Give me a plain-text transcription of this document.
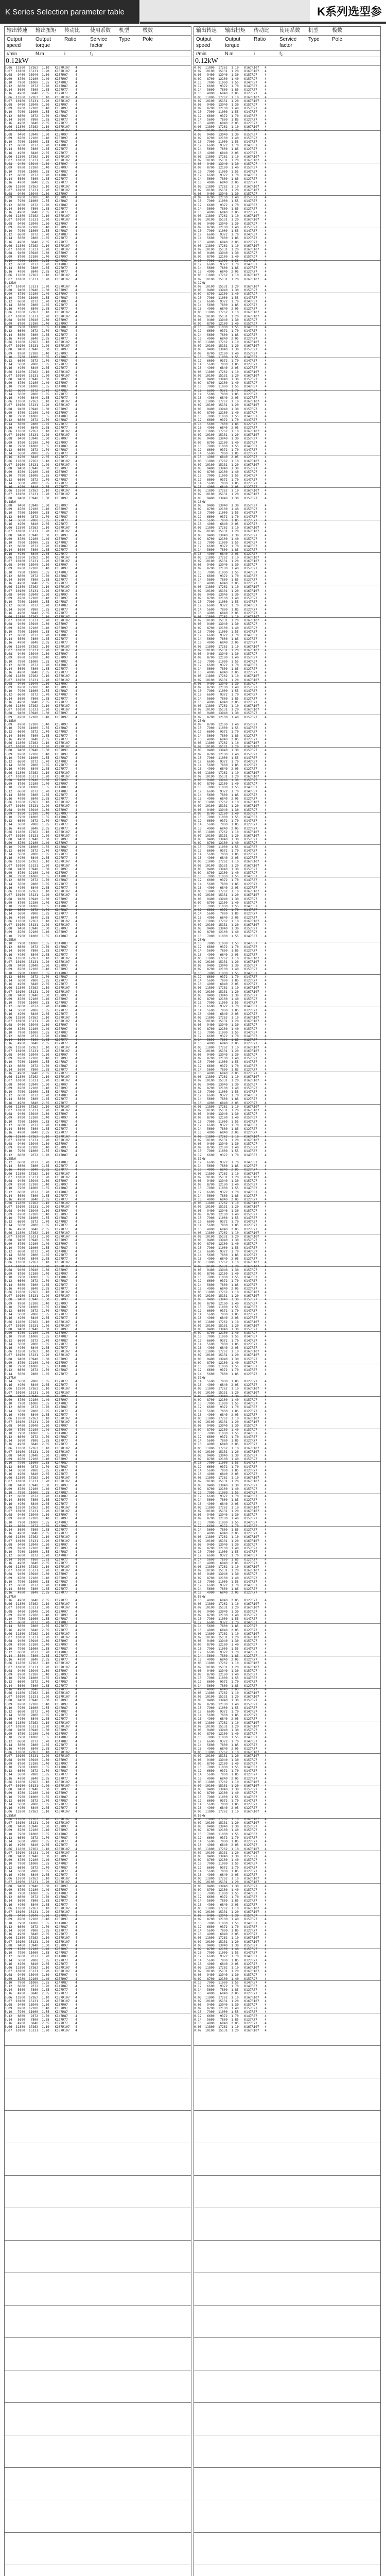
K Series Selection parameter table	K系列选型参
输出转速	输出扭矩	传动比	使用系数	机型	极数
Output speed
Output torque
Ratio	Service factor
Type	Pole
r/min	N.m	i	f₂
0.12kW
0.06  11800  17262  1.10   K167R107   4
0.07  10100  15131  1.20   K167R107   4
0.08   9400  13940  1.30   K157R97    4
0.09   8700  12100  1.40   K157R97    4
0.10   7900  11000  1.55   K147R87    4
0.12   6600   9372  1.70   K147R87    4
0.14   5600   7800  1.85   K127R77    4
0.16   4900   6840  2.05   K127R77    4
0.06  11800  17262  1.10   K167R107   4
0.07  10100  15131  1.20   K167R107   4
0.08   9400  13940  1.30   K157R97    4
0.09   8700  12100  1.40   K157R97    4
0.10   7900  11000  1.55   K147R87    4
0.12   6600   9372  1.70   K147R87    4
0.14   5600   7800  1.85   K127R77    4
0.16   4900   6840  2.05   K127R77    4
0.06  11800  17262  1.10   K167R107   4
0.07  10100  15131  1.20   K167R107   4
0.08   9400  13940  1.30   K157R97    4
0.09   8700  12100  1.40   K157R97    4
0.10   7900  11000  1.55   K147R87    4
0.12   6600   9372  1.70   K147R87    4
0.14   5600   7800  1.85   K127R77    4
0.16   4900   6840  2.05   K127R77    4
0.06  11800  17262  1.10   K167R107   4
0.07  10100  15131  1.20   K167R107   4
0.08   9400  13940  1.30   K157R97    4
0.09   8700  12100  1.40   K157R97    4
0.10   7900  11000  1.55   K147R87    4
0.12   6600   9372  1.70   K147R87    4
0.14   5600   7800  1.85   K127R77    4
0.16   4900   6840  2.05   K127R77    4
0.06  11800  17262  1.10   K167R107   4
0.07  10100  15131  1.20   K167R107   4
0.08   9400  13940  1.30   K157R97    4
0.09   8700  12100  1.40   K157R97    4
0.10   7900  11000  1.55   K147R87    4
0.12   6600   9372  1.70   K147R87    4
0.14   5600   7800  1.85   K127R77    4
0.16   4900   6840  2.05   K127R77    4
0.06  11800  17262  1.10   K167R107   4
0.07  10100  15131  1.20   K167R107   4
0.08   9400  13940  1.30   K157R97    4
0.09   8700  12100  1.40   K157R97    4
0.10   7900  11000  1.55   K147R87    4
0.12   6600   9372  1.70   K147R87    4
0.14   5600   7800  1.85   K127R77    4
0.16   4900   6840  2.05   K127R77    4
0.06  11800  17262  1.10   K167R107   4
0.07  10100  15131  1.20   K167R107   4
0.08   9400  13940  1.30   K157R97    4
0.09   8700  12100  1.40   K157R97    4
0.10   7900  11000  1.55   K147R87    4
0.12   6600   9372  1.70   K147R87    4
0.14   5600   7800  1.85   K127R77    4
0.16   4900   6840  2.05   K127R77    4
0.06  11800  17262  1.10   K167R107   4
0.07  10100  15131  1.20   K167R107   4
0.12kW
0.07  10100  15131  1.20   K167R107   4
0.08   9400  13940  1.30   K157R97    4
0.09   8700  12100  1.40   K157R97    4
0.10   7900  11000  1.55   K147R87    4
0.12   6600   9372  1.70   K147R87    4
0.14   5600   7800  1.85   K127R77    4
0.16   4900   6840  2.05   K127R77    4
0.06  11800  17262  1.10   K167R107   4
0.07  10100  15131  1.20   K167R107   4
0.08   9400  13940  1.30   K157R97    4
0.09   8700  12100  1.40   K157R97    4
0.10   7900  11000  1.55   K147R87    4
0.12   6600   9372  1.70   K147R87    4
0.14   5600   7800  1.85   K127R77    4
0.16   4900   6840  2.05   K127R77    4
0.06  11800  17262  1.10   K167R107   4
0.07  10100  15131  1.20   K167R107   4
0.08   9400  13940  1.30   K157R97    4
0.09   8700  12100  1.40   K157R97    4
0.10   7900  11000  1.55   K147R87    4
0.12   6600   9372  1.70   K147R87    4
0.14   5600   7800  1.85   K127R77    4
0.16   4900   6840  2.05   K127R77    4
0.06  11800  17262  1.10   K167R107   4
0.07  10100  15131  1.20   K167R107   4
0.08   9400  13940  1.30   K157R97    4
0.09   8700  12100  1.40   K157R97    4
0.10   7900  11000  1.55   K147R87    4
0.12   6600   9372  1.70   K147R87    4
0.14   5600   7800  1.85   K127R77    4
0.16   4900   6840  2.05   K127R77    4
0.06  11800  17262  1.10   K167R107   4
0.07  10100  15131  1.20   K167R107   4
0.08   9400  13940  1.30   K157R97    4
0.09   8700  12100  1.40   K157R97    4
0.10   7900  11000  1.55   K147R87    4
0.12   6600   9372  1.70   K147R87    4
0.14   5600   7800  1.85   K127R77    4
0.16   4900   6840  2.05   K127R77    4
0.06  11800  17262  1.10   K167R107   4
0.07  10100  15131  1.20   K167R107   4
0.08   9400  13940  1.30   K157R97    4
0.09   8700  12100  1.40   K157R97    4
0.10   7900  11000  1.55   K147R87    4
0.12   6600   9372  1.70   K147R87    4
0.14   5600   7800  1.85   K127R77    4
0.16   4900   6840  2.05   K127R77    4
0.06  11800  17262  1.10   K167R107   4
0.07  10100  15131  1.20   K167R107   4
0.08   9400  13940  1.30   K157R97    4
0.09   8700  12100  1.40   K157R97    4
0.10   7900  11000  1.55   K147R87    4
0.12   6600   9372  1.70   K147R87    4
0.14   5600   7800  1.85   K127R77    4
0.16   4900   6840  2.05   K127R77    4
0.06  11800  17262  1.10   K167R107   4
0.07  10100  15131  1.20   K167R107   4
0.08   9400  13940  1.30   K157R97    4
0.18kW
0.08   9400  13940  1.30   K157R97    4
0.09   8700  12100  1.40   K157R97    4
0.10   7900  11000  1.55   K147R87    4
0.12   6600   9372  1.70   K147R87    4
0.14   5600   7800  1.85   K127R77    4
0.16   4900   6840  2.05   K127R77    4
0.06  11800  17262  1.10   K167R107   4
0.07  10100  15131  1.20   K167R107   4
0.08   9400  13940  1.30   K157R97    4
0.09   8700  12100  1.40   K157R97    4
0.10   7900  11000  1.55   K147R87    4
0.12   6600   9372  1.70   K147R87    4
0.14   5600   7800  1.85   K127R77    4
0.16   4900   6840  2.05   K127R77    4
0.06  11800  17262  1.10   K167R107   4
0.07  10100  15131  1.20   K167R107   4
0.08   9400  13940  1.30   K157R97    4
0.09   8700  12100  1.40   K157R97    4
0.10   7900  11000  1.55   K147R87    4
0.12   6600   9372  1.70   K147R87    4
0.14   5600   7800  1.85   K127R77    4
0.16   4900   6840  2.05   K127R77    4
0.06  11800  17262  1.10   K167R107   4
0.07  10100  15131  1.20   K167R107   4
0.08   9400  13940  1.30   K157R97    4
0.09   8700  12100  1.40   K157R97    4
0.10   7900  11000  1.55   K147R87    4
0.12   6600   9372  1.70   K147R87    4
0.14   5600   7800  1.85   K127R77    4
0.16   4900   6840  2.05   K127R77    4
0.06  11800  17262  1.10   K167R107   4
0.07  10100  15131  1.20   K167R107   4
0.08   9400  13940  1.30   K157R97    4
0.09   8700  12100  1.40   K157R97    4
0.10   7900  11000  1.55   K147R87    4
0.12   6600   9372  1.70   K147R87    4
0.14   5600   7800  1.85   K127R77    4
0.16   4900   6840  2.05   K127R77    4
0.06  11800  17262  1.10   K167R107   4
0.07  10100  15131  1.20   K167R107   4
0.08   9400  13940  1.30   K157R97    4
0.09   8700  12100  1.40   K157R97    4
0.10   7900  11000  1.55   K147R87    4
0.12   6600   9372  1.70   K147R87    4
0.14   5600   7800  1.85   K127R77    4
0.16   4900   6840  2.05   K127R77    4
0.06  11800  17262  1.10   K167R107   4
0.07  10100  15131  1.20   K167R107   4
0.08   9400  13940  1.30   K157R97    4
0.09   8700  12100  1.40   K157R97    4
0.10   7900  11000  1.55   K147R87    4
0.12   6600   9372  1.70   K147R87    4
0.14   5600   7800  1.85   K127R77    4
0.16   4900   6840  2.05   K127R77    4
0.06  11800  17262  1.10   K167R107   4
0.07  10100  15131  1.20   K167R107   4
0.08   9400  13940  1.30   K157R97    4
0.09   8700  12100  1.40   K157R97    4
0.18kW
0.09   8700  12100  1.40   K157R97    4
0.10   7900  11000  1.55   K147R87    4
0.12   6600   9372  1.70   K147R87    4
0.14   5600   7800  1.85   K127R77    4
0.16   4900   6840  2.05   K127R77    4
0.06  11800  17262  1.10   K167R107   4
0.07  10100  15131  1.20   K167R107   4
0.08   9400  13940  1.30   K157R97    4
0.09   8700  12100  1.40   K157R97    4
0.10   7900  11000  1.55   K147R87    4
0.12   6600   9372  1.70   K147R87    4
0.14   5600   7800  1.85   K127R77    4
0.16   4900   6840  2.05   K127R77    4
0.06  11800  17262  1.10   K167R107   4
0.07  10100  15131  1.20   K167R107   4
0.08   9400  13940  1.30   K157R97    4
0.09   8700  12100  1.40   K157R97    4
0.10   7900  11000  1.55   K147R87    4
0.12   6600   9372  1.70   K147R87    4
0.14   5600   7800  1.85   K127R77    4
0.16   4900   6840  2.05   K127R77    4
0.06  11800  17262  1.10   K167R107   4
0.07  10100  15131  1.20   K167R107   4
0.08   9400  13940  1.30   K157R97    4
0.09   8700  12100  1.40   K157R97    4
0.10   7900  11000  1.55   K147R87    4
0.12   6600   9372  1.70   K147R87    4
0.14   5600   7800  1.85   K127R77    4
0.16   4900   6840  2.05   K127R77    4
0.06  11800  17262  1.10   K167R107   4
0.07  10100  15131  1.20   K167R107   4
0.08   9400  13940  1.30   K157R97    4
0.09   8700  12100  1.40   K157R97    4
0.10   7900  11000  1.55   K147R87    4
0.12   6600   9372  1.70   K147R87    4
0.14   5600   7800  1.85   K127R77    4
0.16   4900   6840  2.05   K127R77    4
0.06  11800  17262  1.10   K167R107   4
0.07  10100  15131  1.20   K167R107   4
0.08   9400  13940  1.30   K157R97    4
0.09   8700  12100  1.40   K157R97    4
0.10   7900  11000  1.55   K147R87    4
0.12   6600   9372  1.70   K147R87    4
0.14   5600   7800  1.85   K127R77    4
0.16   4900   6840  2.05   K127R77    4
0.06  11800  17262  1.10   K167R107   4
0.07  10100  15131  1.20   K167R107   4
0.08   9400  13940  1.30   K157R97    4
0.09   8700  12100  1.40   K157R97    4
0.10   7900  11000  1.55   K147R87    4
0.12   6600   9372  1.70   K147R87    4
0.14   5600   7800  1.85   K127R77    4
0.16   4900   6840  2.05   K127R77    4
0.06  11800  17262  1.10   K167R107   4
0.07  10100  15131  1.20   K167R107   4
0.08   9400  13940  1.30   K157R97    4
0.09   8700  12100  1.40   K157R97    4
0.10   7900  11000  1.55   K147R87    4
0.25kW
0.10   7900  11000  1.55   K147R87    4
0.12   6600   9372  1.70   K147R87    4
0.14   5600   7800  1.85   K127R77    4
0.16   4900   6840  2.05   K127R77    4
0.06  11800  17262  1.10   K167R107   4
0.07  10100  15131  1.20   K167R107   4
0.08   9400  13940  1.30   K157R97    4
0.09   8700  12100  1.40   K157R97    4
0.10   7900  11000  1.55   K147R87    4
0.12   6600   9372  1.70   K147R87    4
0.14   5600   7800  1.85   K127R77    4
0.16   4900   6840  2.05   K127R77    4
0.06  11800  17262  1.10   K167R107   4
0.07  10100  15131  1.20   K167R107   4
0.08   9400  13940  1.30   K157R97    4
0.09   8700  12100  1.40   K157R97    4
0.10   7900  11000  1.55   K147R87    4
0.12   6600   9372  1.70   K147R87    4
0.14   5600   7800  1.85   K127R77    4
0.16   4900   6840  2.05   K127R77    4
0.06  11800  17262  1.10   K167R107   4
0.07  10100  15131  1.20   K167R107   4
0.08   9400  13940  1.30   K157R97    4
0.09   8700  12100  1.40   K157R97    4
0.10   7900  11000  1.55   K147R87    4
0.12   6600   9372  1.70   K147R87    4
0.14   5600   7800  1.85   K127R77    4
0.16   4900   6840  2.05   K127R77    4
0.06  11800  17262  1.10   K167R107   4
0.07  10100  15131  1.20   K167R107   4
0.08   9400  13940  1.30   K157R97    4
0.09   8700  12100  1.40   K157R97    4
0.10   7900  11000  1.55   K147R87    4
0.12   6600   9372  1.70   K147R87    4
0.14   5600   7800  1.85   K127R77    4
0.16   4900   6840  2.05   K127R77    4
0.06  11800  17262  1.10   K167R107   4
0.07  10100  15131  1.20   K167R107   4
0.08   9400  13940  1.30   K157R97    4
0.09   8700  12100  1.40   K157R97    4
0.10   7900  11000  1.55   K147R87    4
0.12   6600   9372  1.70   K147R87    4
0.14   5600   7800  1.85   K127R77    4
0.16   4900   6840  2.05   K127R77    4
0.06  11800  17262  1.10   K167R107   4
0.07  10100  15131  1.20   K167R107   4
0.08   9400  13940  1.30   K157R97    4
0.09   8700  12100  1.40   K157R97    4
0.10   7900  11000  1.55   K147R87    4
0.12   6600   9372  1.70   K147R87    4
0.14   5600   7800  1.85   K127R77    4
0.16   4900   6840  2.05   K127R77    4
0.06  11800  17262  1.10   K167R107   4
0.07  10100  15131  1.20   K167R107   4
0.08   9400  13940  1.30   K157R97    4
0.09   8700  12100  1.40   K157R97    4
0.10   7900  11000  1.55   K147R87    4
0.12   6600   9372  1.70   K147R87    4
0.25kW
0.12   6600   9372  1.70   K147R87    4
0.14   5600   7800  1.85   K127R77    4
0.16   4900   6840  2.05   K127R77    4
0.06  11800  17262  1.10   K167R107   4
0.07  10100  15131  1.20   K167R107   4
0.08   9400  13940  1.30   K157R97    4
0.09   8700  12100  1.40   K157R97    4
0.10   7900  11000  1.55   K147R87    4
0.12   6600   9372  1.70   K147R87    4
0.14   5600   7800  1.85   K127R77    4
0.16   4900   6840  2.05   K127R77    4
0.06  11800  17262  1.10   K167R107   4
0.07  10100  15131  1.20   K167R107   4
0.08   9400  13940  1.30   K157R97    4
0.09   8700  12100  1.40   K157R97    4
0.10   7900  11000  1.55   K147R87    4
0.12   6600   9372  1.70   K147R87    4
0.14   5600   7800  1.85   K127R77    4
0.16   4900   6840  2.05   K127R77    4
0.06  11800  17262  1.10   K167R107   4
0.07  10100  15131  1.20   K167R107   4
0.08   9400  13940  1.30   K157R97    4
0.09   8700  12100  1.40   K157R97    4
0.10   7900  11000  1.55   K147R87    4
0.12   6600   9372  1.70   K147R87    4
0.14   5600   7800  1.85   K127R77    4
0.16   4900   6840  2.05   K127R77    4
0.06  11800  17262  1.10   K167R107   4
0.07  10100  15131  1.20   K167R107   4
0.08   9400  13940  1.30   K157R97    4
0.09   8700  12100  1.40   K157R97    4
0.10   7900  11000  1.55   K147R87    4
0.12   6600   9372  1.70   K147R87    4
0.14   5600   7800  1.85   K127R77    4
0.16   4900   6840  2.05   K127R77    4
0.06  11800  17262  1.10   K167R107   4
0.07  10100  15131  1.20   K167R107   4
0.08   9400  13940  1.30   K157R97    4
0.09   8700  12100  1.40   K157R97    4
0.10   7900  11000  1.55   K147R87    4
0.12   6600   9372  1.70   K147R87    4
0.14   5600   7800  1.85   K127R77    4
0.16   4900   6840  2.05   K127R77    4
0.06  11800  17262  1.10   K167R107   4
0.07  10100  15131  1.20   K167R107   4
0.08   9400  13940  1.30   K157R97    4
0.09   8700  12100  1.40   K157R97    4
0.10   7900  11000  1.55   K147R87    4
0.12   6600   9372  1.70   K147R87    4
0.14   5600   7800  1.85   K127R77    4
0.16   4900   6840  2.05   K127R77    4
0.06  11800  17262  1.10   K167R107   4
0.07  10100  15131  1.20   K167R107   4
0.08   9400  13940  1.30   K157R97    4
0.09   8700  12100  1.40   K157R97    4
0.10   7900  11000  1.55   K147R87    4
0.12   6600   9372  1.70   K147R87    4
0.14   5600   7800  1.85   K127R77    4
0.37kW
0.14   5600   7800  1.85   K127R77    4
0.16   4900   6840  2.05   K127R77    4
0.06  11800  17262  1.10   K167R107   4
0.07  10100  15131  1.20   K167R107   4
0.08   9400  13940  1.30   K157R97    4
0.09   8700  12100  1.40   K157R97    4
0.10   7900  11000  1.55   K147R87    4
0.12   6600   9372  1.70   K147R87    4
0.14   5600   7800  1.85   K127R77    4
0.16   4900   6840  2.05   K127R77    4
0.06  11800  17262  1.10   K167R107   4
0.07  10100  15131  1.20   K167R107   4
0.08   9400  13940  1.30   K157R97    4
0.09   8700  12100  1.40   K157R97    4
0.10   7900  11000  1.55   K147R87    4
0.12   6600   9372  1.70   K147R87    4
0.14   5600   7800  1.85   K127R77    4
0.16   4900   6840  2.05   K127R77    4
0.06  11800  17262  1.10   K167R107   4
0.07  10100  15131  1.20   K167R107   4
0.08   9400  13940  1.30   K157R97    4
0.09   8700  12100  1.40   K157R97    4
0.10   7900  11000  1.55   K147R87    4
0.12   6600   9372  1.70   K147R87    4
0.14   5600   7800  1.85   K127R77    4
0.16   4900   6840  2.05   K127R77    4
0.06  11800  17262  1.10   K167R107   4
0.07  10100  15131  1.20   K167R107   4
0.08   9400  13940  1.30   K157R97    4
0.09   8700  12100  1.40   K157R97    4
0.10   7900  11000  1.55   K147R87    4
0.12   6600   9372  1.70   K147R87    4
0.14   5600   7800  1.85   K127R77    4
0.16   4900   6840  2.05   K127R77    4
0.06  11800  17262  1.10   K167R107   4
0.07  10100  15131  1.20   K167R107   4
0.08   9400  13940  1.30   K157R97    4
0.09   8700  12100  1.40   K157R97    4
0.10   7900  11000  1.55   K147R87    4
0.12   6600   9372  1.70   K147R87    4
0.14   5600   7800  1.85   K127R77    4
0.16   4900   6840  2.05   K127R77    4
0.06  11800  17262  1.10   K167R107   4
0.07  10100  15131  1.20   K167R107   4
0.08   9400  13940  1.30   K157R97    4
0.09   8700  12100  1.40   K157R97    4
0.10   7900  11000  1.55   K147R87    4
0.12   6600   9372  1.70   K147R87    4
0.14   5600   7800  1.85   K127R77    4
0.16   4900   6840  2.05   K127R77    4
0.06  11800  17262  1.10   K167R107   4
0.07  10100  15131  1.20   K167R107   4
0.08   9400  13940  1.30   K157R97    4
0.09   8700  12100  1.40   K157R97    4
0.10   7900  11000  1.55   K147R87    4
0.12   6600   9372  1.70   K147R87    4
0.14   5600   7800  1.85   K127R77    4
0.16   4900   6840  2.05   K127R77    4
0.37kW
0.16   4900   6840  2.05   K127R77    4
0.06  11800  17262  1.10   K167R107   4
0.07  10100  15131  1.20   K167R107   4
0.08   9400  13940  1.30   K157R97    4
0.09   8700  12100  1.40   K157R97    4
0.10   7900  11000  1.55   K147R87    4
0.12   6600   9372  1.70   K147R87    4
0.14   5600   7800  1.85   K127R77    4
0.16   4900   6840  2.05   K127R77    4
0.06  11800  17262  1.10   K167R107   4
0.07  10100  15131  1.20   K167R107   4
0.08   9400  13940  1.30   K157R97    4
0.09   8700  12100  1.40   K157R97    4
0.10   7900  11000  1.55   K147R87    4
0.12   6600   9372  1.70   K147R87    4
0.14   5600   7800  1.85   K127R77    4
0.16   4900   6840  2.05   K127R77    4
0.06  11800  17262  1.10   K167R107   4
0.07  10100  15131  1.20   K167R107   4
0.08   9400  13940  1.30   K157R97    4
0.09   8700  12100  1.40   K157R97    4
0.10   7900  11000  1.55   K147R87    4
0.12   6600   9372  1.70   K147R87    4
0.14   5600   7800  1.85   K127R77    4
0.16   4900   6840  2.05   K127R77    4
0.06  11800  17262  1.10   K167R107   4
0.07  10100  15131  1.20   K167R107   4
0.08   9400  13940  1.30   K157R97    4
0.09   8700  12100  1.40   K157R97    4
0.10   7900  11000  1.55   K147R87    4
0.12   6600   9372  1.70   K147R87    4
0.14   5600   7800  1.85   K127R77    4
0.16   4900   6840  2.05   K127R77    4
0.06  11800  17262  1.10   K167R107   4
0.07  10100  15131  1.20   K167R107   4
0.08   9400  13940  1.30   K157R97    4
0.09   8700  12100  1.40   K157R97    4
0.10   7900  11000  1.55   K147R87    4
0.12   6600   9372  1.70   K147R87    4
0.14   5600   7800  1.85   K127R77    4
0.16   4900   6840  2.05   K127R77    4
0.06  11800  17262  1.10   K167R107   4
0.07  10100  15131  1.20   K167R107   4
0.08   9400  13940  1.30   K157R97    4
0.09   8700  12100  1.40   K157R97    4
0.10   7900  11000  1.55   K147R87    4
0.12   6600   9372  1.70   K147R87    4
0.14   5600   7800  1.85   K127R77    4
0.16   4900   6840  2.05   K127R77    4
0.06  11800  17262  1.10   K167R107   4
0.07  10100  15131  1.20   K167R107   4
0.08   9400  13940  1.30   K157R97    4
0.09   8700  12100  1.40   K157R97    4
0.10   7900  11000  1.55   K147R87    4
0.12   6600   9372  1.70   K147R87    4
0.14   5600   7800  1.85   K127R77    4
0.16   4900   6840  2.05   K127R77    4
0.06  11800  17262  1.10   K167R107   4
0.55kW
0.06  11800  17262  1.10   K167R107   4
0.07  10100  15131  1.20   K167R107   4
0.08   9400  13940  1.30   K157R97    4
0.09   8700  12100  1.40   K157R97    4
0.10   7900  11000  1.55   K147R87    4
0.12   6600   9372  1.70   K147R87    4
0.14   5600   7800  1.85   K127R77    4
0.16   4900   6840  2.05   K127R77    4
0.06  11800  17262  1.10   K167R107   4
0.07  10100  15131  1.20   K167R107   4
0.08   9400  13940  1.30   K157R97    4
0.09   8700  12100  1.40   K157R97    4
0.10   7900  11000  1.55   K147R87    4
0.12   6600   9372  1.70   K147R87    4
0.14   5600   7800  1.85   K127R77    4
0.16   4900   6840  2.05   K127R77    4
0.06  11800  17262  1.10   K167R107   4
0.07  10100  15131  1.20   K167R107   4
0.08   9400  13940  1.30   K157R97    4
0.09   8700  12100  1.40   K157R97    4
0.10   7900  11000  1.55   K147R87    4
0.12   6600   9372  1.70   K147R87    4
0.14   5600   7800  1.85   K127R77    4
0.16   4900   6840  2.05   K127R77    4
0.06  11800  17262  1.10   K167R107   4
0.07  10100  15131  1.20   K167R107   4
0.08   9400  13940  1.30   K157R97    4
0.09   8700  12100  1.40   K157R97    4
0.10   7900  11000  1.55   K147R87    4
0.12   6600   9372  1.70   K147R87    4
0.14   5600   7800  1.85   K127R77    4
0.16   4900   6840  2.05   K127R77    4
0.06  11800  17262  1.10   K167R107   4
0.07  10100  15131  1.20   K167R107   4
0.08   9400  13940  1.30   K157R97    4
0.09   8700  12100  1.40   K157R97    4
0.10   7900  11000  1.55   K147R87    4
0.12   6600   9372  1.70   K147R87    4
0.14   5600   7800  1.85   K127R77    4
0.16   4900   6840  2.05   K127R77    4
0.06  11800  17262  1.10   K167R107   4
0.07  10100  15131  1.20   K167R107   4
0.08   9400  13940  1.30   K157R97    4
0.09   8700  12100  1.40   K157R97    4
0.10   7900  11000  1.55   K147R87    4
0.12   6600   9372  1.70   K147R87    4
0.14   5600   7800  1.85   K127R77    4
0.16   4900   6840  2.05   K127R77    4
0.06  11800  17262  1.10   K167R107   4
0.07  10100  15131  1.20   K167R107   4
0.08   9400  13940  1.30   K157R97    4
0.09   8700  12100  1.40   K157R97    4
0.10   7900  11000  1.55   K147R87    4
0.12   6600   9372  1.70   K147R87    4
0.14   5600   7800  1.85   K127R77    4
0.16   4900   6840  2.05   K127R77    4
0.06  11800  17262  1.10   K167R107   4
0.07  10100  15131  1.20   K167R107   4
输出转速	输出扭矩	传动比	使用系数	机型	极数
Output speed
Output torque
Ratio	Service factor
Type	Pole
r/min	N.m	i	f₂
0.12kW
0.06  11800  17262  1.10   K167R107   4
0.07  10100  15131  1.20   K167R107   4
0.08   9400  13940  1.30   K157R97    4
0.09   8700  12100  1.40   K157R97    4
0.10   7900  11000  1.55   K147R87    4
0.12   6600   9372  1.70   K147R87    4
0.14   5600   7800  1.85   K127R77    4
0.16   4900   6840  2.05   K127R77    4
0.06  11800  17262  1.10   K167R107   4
0.07  10100  15131  1.20   K167R107   4
0.08   9400  13940  1.30   K157R97    4
0.09   8700  12100  1.40   K157R97    4
0.10   7900  11000  1.55   K147R87    4
0.12   6600   9372  1.70   K147R87    4
0.14   5600   7800  1.85   K127R77    4
0.16   4900   6840  2.05   K127R77    4
0.06  11800  17262  1.10   K167R107   4
0.07  10100  15131  1.20   K167R107   4
0.08   9400  13940  1.30   K157R97    4
0.09   8700  12100  1.40   K157R97    4
0.10   7900  11000  1.55   K147R87    4
0.12   6600   9372  1.70   K147R87    4
0.14   5600   7800  1.85   K127R77    4
0.16   4900   6840  2.05   K127R77    4
0.06  11800  17262  1.10   K167R107   4
0.07  10100  15131  1.20   K167R107   4
0.08   9400  13940  1.30   K157R97    4
0.09   8700  12100  1.40   K157R97    4
0.10   7900  11000  1.55   K147R87    4
0.12   6600   9372  1.70   K147R87    4
0.14   5600   7800  1.85   K127R77    4
0.16   4900   6840  2.05   K127R77    4
0.06  11800  17262  1.10   K167R107   4
0.07  10100  15131  1.20   K167R107   4
0.08   9400  13940  1.30   K157R97    4
0.09   8700  12100  1.40   K157R97    4
0.10   7900  11000  1.55   K147R87    4
0.12   6600   9372  1.70   K147R87    4
0.14   5600   7800  1.85   K127R77    4
0.16   4900   6840  2.05   K127R77    4
0.06  11800  17262  1.10   K167R107   4
0.07  10100  15131  1.20   K167R107   4
0.08   9400  13940  1.30   K157R97    4
0.09   8700  12100  1.40   K157R97    4
0.10   7900  11000  1.55   K147R87    4
0.12   6600   9372  1.70   K147R87    4
0.14   5600   7800  1.85   K127R77    4
0.16   4900   6840  2.05   K127R77    4
0.06  11800  17262  1.10   K167R107   4
0.07  10100  15131  1.20   K167R107   4
0.08   9400  13940  1.30   K157R97    4
0.09   8700  12100  1.40   K157R97    4
0.10   7900  11000  1.55   K147R87    4
0.12   6600   9372  1.70   K147R87    4
0.14   5600   7800  1.85   K127R77    4
0.16   4900   6840  2.05   K127R77    4
0.06  11800  17262  1.10   K167R107   4
0.07  10100  15131  1.20   K167R107   4
0.12kW
0.07  10100  15131  1.20   K167R107   4
0.08   9400  13940  1.30   K157R97    4
0.09   8700  12100  1.40   K157R97    4
0.10   7900  11000  1.55   K147R87    4
0.12   6600   9372  1.70   K147R87    4
0.14   5600   7800  1.85   K127R77    4
0.16   4900   6840  2.05   K127R77    4
0.06  11800  17262  1.10   K167R107   4
0.07  10100  15131  1.20   K167R107   4
0.08   9400  13940  1.30   K157R97    4
0.09   8700  12100  1.40   K157R97    4
0.10   7900  11000  1.55   K147R87    4
0.12   6600   9372  1.70   K147R87    4
0.14   5600   7800  1.85   K127R77    4
0.16   4900   6840  2.05   K127R77    4
0.06  11800  17262  1.10   K167R107   4
0.07  10100  15131  1.20   K167R107   4
0.08   9400  13940  1.30   K157R97    4
0.09   8700  12100  1.40   K157R97    4
0.10   7900  11000  1.55   K147R87    4
0.12   6600   9372  1.70   K147R87    4
0.14   5600   7800  1.85   K127R77    4
0.16   4900   6840  2.05   K127R77    4
0.06  11800  17262  1.10   K167R107   4
0.07  10100  15131  1.20   K167R107   4
0.08   9400  13940  1.30   K157R97    4
0.09   8700  12100  1.40   K157R97    4
0.10   7900  11000  1.55   K147R87    4
0.12   6600   9372  1.70   K147R87    4
0.14   5600   7800  1.85   K127R77    4
0.16   4900   6840  2.05   K127R77    4
0.06  11800  17262  1.10   K167R107   4
0.07  10100  15131  1.20   K167R107   4
0.08   9400  13940  1.30   K157R97    4
0.09   8700  12100  1.40   K157R97    4
0.10   7900  11000  1.55   K147R87    4
0.12   6600   9372  1.70   K147R87    4
0.14   5600   7800  1.85   K127R77    4
0.16   4900   6840  2.05   K127R77    4
0.06  11800  17262  1.10   K167R107   4
0.07  10100  15131  1.20   K167R107   4
0.08   9400  13940  1.30   K157R97    4
0.09   8700  12100  1.40   K157R97    4
0.10   7900  11000  1.55   K147R87    4
0.12   6600   9372  1.70   K147R87    4
0.14   5600   7800  1.85   K127R77    4
0.16   4900   6840  2.05   K127R77    4
0.06  11800  17262  1.10   K167R107   4
0.07  10100  15131  1.20   K167R107   4
0.08   9400  13940  1.30   K157R97    4
0.09   8700  12100  1.40   K157R97    4
0.10   7900  11000  1.55   K147R87    4
0.12   6600   9372  1.70   K147R87    4
0.14   5600   7800  1.85   K127R77    4
0.16   4900   6840  2.05   K127R77    4
0.06  11800  17262  1.10   K167R107   4
0.07  10100  15131  1.20   K167R107   4
0.08   9400  13940  1.30   K157R97    4
0.18kW
0.08   9400  13940  1.30   K157R97    4
0.09   8700  12100  1.40   K157R97    4
0.10   7900  11000  1.55   K147R87    4
0.12   6600   9372  1.70   K147R87    4
0.14   5600   7800  1.85   K127R77    4
0.16   4900   6840  2.05   K127R77    4
0.06  11800  17262  1.10   K167R107   4
0.07  10100  15131  1.20   K167R107   4
0.08   9400  13940  1.30   K157R97    4
0.09   8700  12100  1.40   K157R97    4
0.10   7900  11000  1.55   K147R87    4
0.12   6600   9372  1.70   K147R87    4
0.14   5600   7800  1.85   K127R77    4
0.16   4900   6840  2.05   K127R77    4
0.06  11800  17262  1.10   K167R107   4
0.07  10100  15131  1.20   K167R107   4
0.08   9400  13940  1.30   K157R97    4
0.09   8700  12100  1.40   K157R97    4
0.10   7900  11000  1.55   K147R87    4
0.12   6600   9372  1.70   K147R87    4
0.14   5600   7800  1.85   K127R77    4
0.16   4900   6840  2.05   K127R77    4
0.06  11800  17262  1.10   K167R107   4
0.07  10100  15131  1.20   K167R107   4
0.08   9400  13940  1.30   K157R97    4
0.09   8700  12100  1.40   K157R97    4
0.10   7900  11000  1.55   K147R87    4
0.12   6600   9372  1.70   K147R87    4
0.14   5600   7800  1.85   K127R77    4
0.16   4900   6840  2.05   K127R77    4
0.06  11800  17262  1.10   K167R107   4
0.07  10100  15131  1.20   K167R107   4
0.08   9400  13940  1.30   K157R97    4
0.09   8700  12100  1.40   K157R97    4
0.10   7900  11000  1.55   K147R87    4
0.12   6600   9372  1.70   K147R87    4
0.14   5600   7800  1.85   K127R77    4
0.16   4900   6840  2.05   K127R77    4
0.06  11800  17262  1.10   K167R107   4
0.07  10100  15131  1.20   K167R107   4
0.08   9400  13940  1.30   K157R97    4
0.09   8700  12100  1.40   K157R97    4
0.10   7900  11000  1.55   K147R87    4
0.12   6600   9372  1.70   K147R87    4
0.14   5600   7800  1.85   K127R77    4
0.16   4900   6840  2.05   K127R77    4
0.06  11800  17262  1.10   K167R107   4
0.07  10100  15131  1.20   K167R107   4
0.08   9400  13940  1.30   K157R97    4
0.09   8700  12100  1.40   K157R97    4
0.10   7900  11000  1.55   K147R87    4
0.12   6600   9372  1.70   K147R87    4
0.14   5600   7800  1.85   K127R77    4
0.16   4900   6840  2.05   K127R77    4
0.06  11800  17262  1.10   K167R107   4
0.07  10100  15131  1.20   K167R107   4
0.08   9400  13940  1.30   K157R97    4
0.09   8700  12100  1.40   K157R97    4
0.25kW
0.09   8700  12100  1.40   K157R97    4
0.10   7900  11000  1.55   K147R87    4
0.12   6600   9372  1.70   K147R87    4
0.14   5600   7800  1.85   K127R77    4
0.16   4900   6840  2.05   K127R77    4
0.06  11800  17262  1.10   K167R107   4
0.07  10100  15131  1.20   K167R107   4
0.08   9400  13940  1.30   K157R97    4
0.09   8700  12100  1.40   K157R97    4
0.10   7900  11000  1.55   K147R87    4
0.12   6600   9372  1.70   K147R87    4
0.14   5600   7800  1.85   K127R77    4
0.16   4900   6840  2.05   K127R77    4
0.06  11800  17262  1.10   K167R107   4
0.07  10100  15131  1.20   K167R107   4
0.08   9400  13940  1.30   K157R97    4
0.09   8700  12100  1.40   K157R97    4
0.10   7900  11000  1.55   K147R87    4
0.12   6600   9372  1.70   K147R87    4
0.14   5600   7800  1.85   K127R77    4
0.16   4900   6840  2.05   K127R77    4
0.06  11800  17262  1.10   K167R107   4
0.07  10100  15131  1.20   K167R107   4
0.08   9400  13940  1.30   K157R97    4
0.09   8700  12100  1.40   K157R97    4
0.10   7900  11000  1.55   K147R87    4
0.12   6600   9372  1.70   K147R87    4
0.14   5600   7800  1.85   K127R77    4
0.16   4900   6840  2.05   K127R77    4
0.06  11800  17262  1.10   K167R107   4
0.07  10100  15131  1.20   K167R107   4
0.08   9400  13940  1.30   K157R97    4
0.09   8700  12100  1.40   K157R97    4
0.10   7900  11000  1.55   K147R87    4
0.12   6600   9372  1.70   K147R87    4
0.14   5600   7800  1.85   K127R77    4
0.16   4900   6840  2.05   K127R77    4
0.06  11800  17262  1.10   K167R107   4
0.07  10100  15131  1.20   K167R107   4
0.08   9400  13940  1.30   K157R97    4
0.09   8700  12100  1.40   K157R97    4
0.10   7900  11000  1.55   K147R87    4
0.12   6600   9372  1.70   K147R87    4
0.14   5600   7800  1.85   K127R77    4
0.16   4900   6840  2.05   K127R77    4
0.06  11800  17262  1.10   K167R107   4
0.07  10100  15131  1.20   K167R107   4
0.08   9400  13940  1.30   K157R97    4
0.09   8700  12100  1.40   K157R97    4
0.10   7900  11000  1.55   K147R87    4
0.12   6600   9372  1.70   K147R87    4
0.14   5600   7800  1.85   K127R77    4
0.16   4900   6840  2.05   K127R77    4
0.06  11800  17262  1.10   K167R107   4
0.07  10100  15131  1.20   K167R107   4
0.08   9400  13940  1.30   K157R97    4
0.09   8700  12100  1.40   K157R97    4
0.10   7900  11000  1.55   K147R87    4
0.25kW
0.10   7900  11000  1.55   K147R87    4
0.12   6600   9372  1.70   K147R87    4
0.14   5600   7800  1.85   K127R77    4
0.16   4900   6840  2.05   K127R77    4
0.06  11800  17262  1.10   K167R107   4
0.07  10100  15131  1.20   K167R107   4
0.08   9400  13940  1.30   K157R97    4
0.09   8700  12100  1.40   K157R97    4
0.10   7900  11000  1.55   K147R87    4
0.12   6600   9372  1.70   K147R87    4
0.14   5600   7800  1.85   K127R77    4
0.16   4900   6840  2.05   K127R77    4
0.06  11800  17262  1.10   K167R107   4
0.07  10100  15131  1.20   K167R107   4
0.08   9400  13940  1.30   K157R97    4
0.09   8700  12100  1.40   K157R97    4
0.10   7900  11000  1.55   K147R87    4
0.12   6600   9372  1.70   K147R87    4
0.14   5600   7800  1.85   K127R77    4
0.16   4900   6840  2.05   K127R77    4
0.06  11800  17262  1.10   K167R107   4
0.07  10100  15131  1.20   K167R107   4
0.08   9400  13940  1.30   K157R97    4
0.09   8700  12100  1.40   K157R97    4
0.10   7900  11000  1.55   K147R87    4
0.12   6600   9372  1.70   K147R87    4
0.14   5600   7800  1.85   K127R77    4
0.16   4900   6840  2.05   K127R77    4
0.06  11800  17262  1.10   K167R107   4
0.07  10100  15131  1.20   K167R107   4
0.08   9400  13940  1.30   K157R97    4
0.09   8700  12100  1.40   K157R97    4
0.10   7900  11000  1.55   K147R87    4
0.12   6600   9372  1.70   K147R87    4
0.14   5600   7800  1.85   K127R77    4
0.16   4900   6840  2.05   K127R77    4
0.06  11800  17262  1.10   K167R107   4
0.07  10100  15131  1.20   K167R107   4
0.08   9400  13940  1.30   K157R97    4
0.09   8700  12100  1.40   K157R97    4
0.10   7900  11000  1.55   K147R87    4
0.12   6600   9372  1.70   K147R87    4
0.14   5600   7800  1.85   K127R77    4
0.16   4900   6840  2.05   K127R77    4
0.06  11800  17262  1.10   K167R107   4
0.07  10100  15131  1.20   K167R107   4
0.08   9400  13940  1.30   K157R97    4
0.09   8700  12100  1.40   K157R97    4
0.10   7900  11000  1.55   K147R87    4
0.12   6600   9372  1.70   K147R87    4
0.14   5600   7800  1.85   K127R77    4
0.16   4900   6840  2.05   K127R77    4
0.06  11800  17262  1.10   K167R107   4
0.07  10100  15131  1.20   K167R107   4
0.08   9400  13940  1.30   K157R97    4
0.09   8700  12100  1.40   K157R97    4
0.10   7900  11000  1.55   K147R87    4
0.12   6600   9372  1.70   K147R87    4
0.37kW
0.12   6600   9372  1.70   K147R87    4
0.14   5600   7800  1.85   K127R77    4
0.16   4900   6840  2.05   K127R77    4
0.06  11800  17262  1.10   K167R107   4
0.07  10100  15131  1.20   K167R107   4
0.08   9400  13940  1.30   K157R97    4
0.09   8700  12100  1.40   K157R97    4
0.10   7900  11000  1.55   K147R87    4
0.12   6600   9372  1.70   K147R87    4
0.14   5600   7800  1.85   K127R77    4
0.16   4900   6840  2.05   K127R77    4
0.06  11800  17262  1.10   K167R107   4
0.07  10100  15131  1.20   K167R107   4
0.08   9400  13940  1.30   K157R97    4
0.09   8700  12100  1.40   K157R97    4
0.10   7900  11000  1.55   K147R87    4
0.12   6600   9372  1.70   K147R87    4
0.14   5600   7800  1.85   K127R77    4
0.16   4900   6840  2.05   K127R77    4
0.06  11800  17262  1.10   K167R107   4
0.07  10100  15131  1.20   K167R107   4
0.08   9400  13940  1.30   K157R97    4
0.09   8700  12100  1.40   K157R97    4
0.10   7900  11000  1.55   K147R87    4
0.12   6600   9372  1.70   K147R87    4
0.14   5600   7800  1.85   K127R77    4
0.16   4900   6840  2.05   K127R77    4
0.06  11800  17262  1.10   K167R107   4
0.07  10100  15131  1.20   K167R107   4
0.08   9400  13940  1.30   K157R97    4
0.09   8700  12100  1.40   K157R97    4
0.10   7900  11000  1.55   K147R87    4
0.12   6600   9372  1.70   K147R87    4
0.14   5600   7800  1.85   K127R77    4
0.16   4900   6840  2.05   K127R77    4
0.06  11800  17262  1.10   K167R107   4
0.07  10100  15131  1.20   K167R107   4
0.08   9400  13940  1.30   K157R97    4
0.09   8700  12100  1.40   K157R97    4
0.10   7900  11000  1.55   K147R87    4
0.12   6600   9372  1.70   K147R87    4
0.14   5600   7800  1.85   K127R77    4
0.16   4900   6840  2.05   K127R77    4
0.06  11800  17262  1.10   K167R107   4
0.07  10100  15131  1.20   K167R107   4
0.08   9400  13940  1.30   K157R97    4
0.09   8700  12100  1.40   K157R97    4
0.10   7900  11000  1.55   K147R87    4
0.12   6600   9372  1.70   K147R87    4
0.14   5600   7800  1.85   K127R77    4
0.16   4900   6840  2.05   K127R77    4
0.06  11800  17262  1.10   K167R107   4
0.07  10100  15131  1.20   K167R107   4
0.08   9400  13940  1.30   K157R97    4
0.09   8700  12100  1.40   K157R97    4
0.10   7900  11000  1.55   K147R87    4
0.12   6600   9372  1.70   K147R87    4
0.14   5600   7800  1.85   K127R77    4
0.37kW
0.14   5600   7800  1.85   K127R77    4
0.16   4900   6840  2.05   K127R77    4
0.06  11800  17262  1.10   K167R107   4
0.07  10100  15131  1.20   K167R107   4
0.08   9400  13940  1.30   K157R97    4
0.09   8700  12100  1.40   K157R97    4
0.10   7900  11000  1.55   K147R87    4
0.12   6600   9372  1.70   K147R87    4
0.14   5600   7800  1.85   K127R77    4
0.16   4900   6840  2.05   K127R77    4
0.06  11800  17262  1.10   K167R107   4
0.07  10100  15131  1.20   K167R107   4
0.08   9400  13940  1.30   K157R97    4
0.09   8700  12100  1.40   K157R97    4
0.10   7900  11000  1.55   K147R87    4
0.12   6600   9372  1.70   K147R87    4
0.14   5600   7800  1.85   K127R77    4
0.16   4900   6840  2.05   K127R77    4
0.06  11800  17262  1.10   K167R107   4
0.07  10100  15131  1.20   K167R107   4
0.08   9400  13940  1.30   K157R97    4
0.09   8700  12100  1.40   K157R97    4
0.10   7900  11000  1.55   K147R87    4
0.12   6600   9372  1.70   K147R87    4
0.14   5600   7800  1.85   K127R77    4
0.16   4900   6840  2.05   K127R77    4
0.06  11800  17262  1.10   K167R107   4
0.07  10100  15131  1.20   K167R107   4
0.08   9400  13940  1.30   K157R97    4
0.09   8700  12100  1.40   K157R97    4
0.10   7900  11000  1.55   K147R87    4
0.12   6600   9372  1.70   K147R87    4
0.14   5600   7800  1.85   K127R77    4
0.16   4900   6840  2.05   K127R77    4
0.06  11800  17262  1.10   K167R107   4
0.07  10100  15131  1.20   K167R107   4
0.08   9400  13940  1.30   K157R97    4
0.09   8700  12100  1.40   K157R97    4
0.10   7900  11000  1.55   K147R87    4
0.12   6600   9372  1.70   K147R87    4
0.14   5600   7800  1.85   K127R77    4
0.16   4900   6840  2.05   K127R77    4
0.06  11800  17262  1.10   K167R107   4
0.07  10100  15131  1.20   K167R107   4
0.08   9400  13940  1.30   K157R97    4
0.09   8700  12100  1.40   K157R97    4
0.10   7900  11000  1.55   K147R87    4
0.12   6600   9372  1.70   K147R87    4
0.14   5600   7800  1.85   K127R77    4
0.16   4900   6840  2.05   K127R77    4
0.06  11800  17262  1.10   K167R107   4
0.07  10100  15131  1.20   K167R107   4
0.08   9400  13940  1.30   K157R97    4
0.09   8700  12100  1.40   K157R97    4
0.10   7900  11000  1.55   K147R87    4
0.12   6600   9372  1.70   K147R87    4
0.14   5600   7800  1.85   K127R77    4
0.16   4900   6840  2.05   K127R77    4
0.55kW
0.16   4900   6840  2.05   K127R77    4
0.06  11800  17262  1.10   K167R107   4
0.07  10100  15131  1.20   K167R107   4
0.08   9400  13940  1.30   K157R97    4
0.09   8700  12100  1.40   K157R97    4
0.10   7900  11000  1.55   K147R87    4
0.12   6600   9372  1.70   K147R87    4
0.14   5600   7800  1.85   K127R77    4
0.16   4900   6840  2.05   K127R77    4
0.06  11800  17262  1.10   K167R107   4
0.07  10100  15131  1.20   K167R107   4
0.08   9400  13940  1.30   K157R97    4
0.09   8700  12100  1.40   K157R97    4
0.10   7900  11000  1.55   K147R87    4
0.12   6600   9372  1.70   K147R87    4
0.14   5600   7800  1.85   K127R77    4
0.16   4900   6840  2.05   K127R77    4
0.06  11800  17262  1.10   K167R107   4
0.07  10100  15131  1.20   K167R107   4
0.08   9400  13940  1.30   K157R97    4
0.09   8700  12100  1.40   K157R97    4
0.10   7900  11000  1.55   K147R87    4
0.12   6600   9372  1.70   K147R87    4
0.14   5600   7800  1.85   K127R77    4
0.16   4900   6840  2.05   K127R77    4
0.06  11800  17262  1.10   K167R107   4
0.07  10100  15131  1.20   K167R107   4
0.08   9400  13940  1.30   K157R97    4
0.09   8700  12100  1.40   K157R97    4
0.10   7900  11000  1.55   K147R87    4
0.12   6600   9372  1.70   K147R87    4
0.14   5600   7800  1.85   K127R77    4
0.16   4900   6840  2.05   K127R77    4
0.06  11800  17262  1.10   K167R107   4
0.07  10100  15131  1.20   K167R107   4
0.08   9400  13940  1.30   K157R97    4
0.09   8700  12100  1.40   K157R97    4
0.10   7900  11000  1.55   K147R87    4
0.12   6600   9372  1.70   K147R87    4
0.14   5600   7800  1.85   K127R77    4
0.16   4900   6840  2.05   K127R77    4
0.06  11800  17262  1.10   K167R107   4
0.07  10100  15131  1.20   K167R107   4
0.08   9400  13940  1.30   K157R97    4
0.09   8700  12100  1.40   K157R97    4
0.10   7900  11000  1.55   K147R87    4
0.12   6600   9372  1.70   K147R87    4
0.14   5600   7800  1.85   K127R77    4
0.16   4900   6840  2.05   K127R77    4
0.06  11800  17262  1.10   K167R107   4
0.07  10100  15131  1.20   K167R107   4
0.08   9400  13940  1.30   K157R97    4
0.09   8700  12100  1.40   K157R97    4
0.10   7900  11000  1.55   K147R87    4
0.12   6600   9372  1.70   K147R87    4
0.14   5600   7800  1.85   K127R77    4
0.16   4900   6840  2.05   K127R77    4
0.06  11800  17262  1.10   K167R107   4
0.55kW
0.06  11800  17262  1.10   K167R107   4
0.07  10100  15131  1.20   K167R107   4
0.08   9400  13940  1.30   K157R97    4
0.09   8700  12100  1.40   K157R97    4
0.10   7900  11000  1.55   K147R87    4
0.12   6600   9372  1.70   K147R87    4
0.14   5600   7800  1.85   K127R77    4
0.16   4900   6840  2.05   K127R77    4
0.06  11800  17262  1.10   K167R107   4
0.07  10100  15131  1.20   K167R107   4
0.08   9400  13940  1.30   K157R97    4
0.09   8700  12100  1.40   K157R97    4
0.10   7900  11000  1.55   K147R87    4
0.12   6600   9372  1.70   K147R87    4
0.14   5600   7800  1.85   K127R77    4
0.16   4900   6840  2.05   K127R77    4
0.06  11800  17262  1.10   K167R107   4
0.07  10100  15131  1.20   K167R107   4
0.08   9400  13940  1.30   K157R97    4
0.09   8700  12100  1.40   K157R97    4
0.10   7900  11000  1.55   K147R87    4
0.12   6600   9372  1.70   K147R87    4
0.14   5600   7800  1.85   K127R77    4
0.16   4900   6840  2.05   K127R77    4
0.06  11800  17262  1.10   K167R107   4
0.07  10100  15131  1.20   K167R107   4
0.08   9400  13940  1.30   K157R97    4
0.09   8700  12100  1.40   K157R97    4
0.10   7900  11000  1.55   K147R87    4
0.12   6600   9372  1.70   K147R87    4
0.14   5600   7800  1.85   K127R77    4
0.16   4900   6840  2.05   K127R77    4
0.06  11800  17262  1.10   K167R107   4
0.07  10100  15131  1.20   K167R107   4
0.08   9400  13940  1.30   K157R97    4
0.09   8700  12100  1.40   K157R97    4
0.10   7900  11000  1.55   K147R87    4
0.12   6600   9372  1.70   K147R87    4
0.14   5600   7800  1.85   K127R77    4
0.16   4900   6840  2.05   K127R77    4
0.06  11800  17262  1.10   K167R107   4
0.07  10100  15131  1.20   K167R107   4
0.08   9400  13940  1.30   K157R97    4
0.09   8700  12100  1.40   K157R97    4
0.10   7900  11000  1.55   K147R87    4
0.12   6600   9372  1.70   K147R87    4
0.14   5600   7800  1.85   K127R77    4
0.16   4900   6840  2.05   K127R77    4
0.06  11800  17262  1.10   K167R107   4
0.07  10100  15131  1.20   K167R107   4
0.08   9400  13940  1.30   K157R97    4
0.09   8700  12100  1.40   K157R97    4
0.10   7900  11000  1.55   K147R87    4
0.12   6600   9372  1.70   K147R87    4
0.14   5600   7800  1.85   K127R77    4
0.16   4900   6840  2.05   K127R77    4
0.06  11800  17262  1.10   K167R107   4
0.07  10100  15131  1.20   K167R107   4
